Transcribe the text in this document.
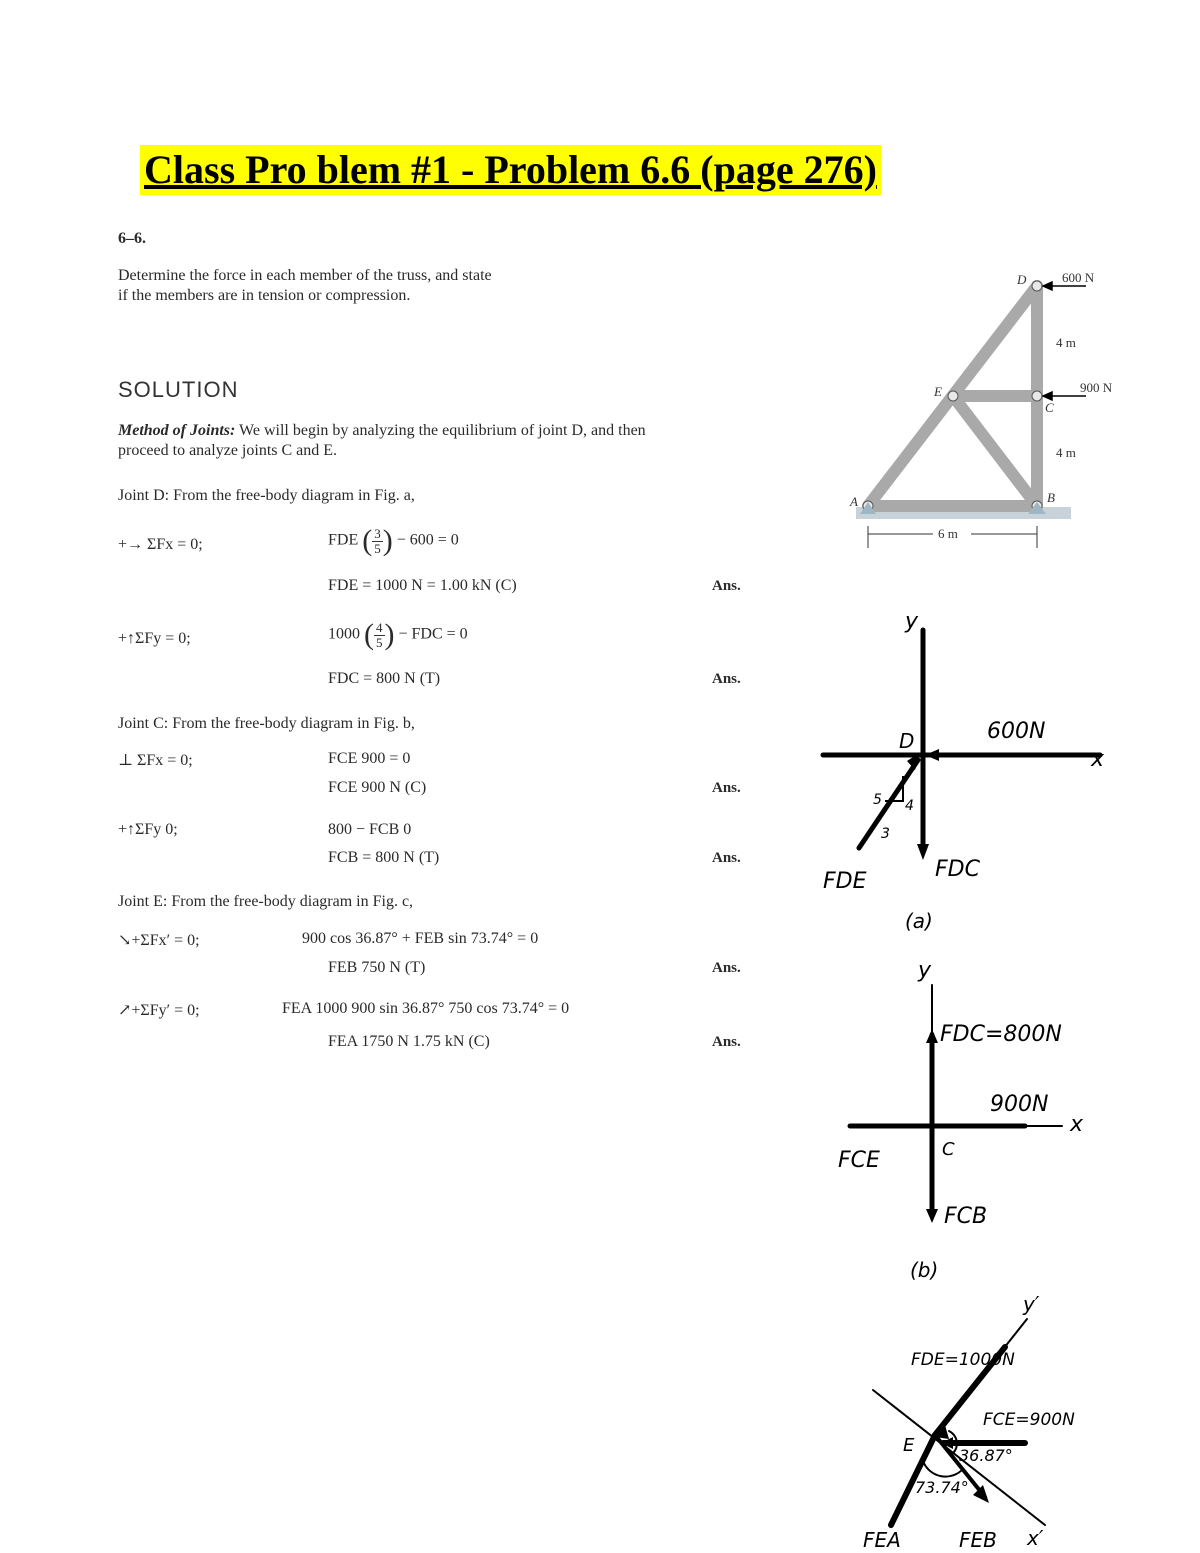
Class Pro blem #1 - Problem 6.6 (page 276)
6–6.
Determine the force in each member of the truss, and state
if the members are in tension or compression.
SOLUTION
Method of Joints: We will begin by analyzing the equilibrium of joint D, and then
proceed to analyze joints C and E.
Joint D: From the free-body diagram in Fig. a,
+→ ΣFx = 0;	FDE ( $\frac{3}{5}$ ) − 600 = 0
FDE = 1000 N = 1.00 kN (C)	Ans.
+↑ΣFy = 0;	1000 ( $\frac{4}{5}$ ) − FDC = 0
FDC = 800 N (T)	Ans.
Joint C: From the free-body diagram in Fig. b,
⊥ ΣFx = 0;	FCE 900 = 0
FCE 900 N (C)	Ans.
+↑ΣFy 0;	800 − FCB 0
FCB = 800 N (T)	Ans.
Joint E: From the free-body diagram in Fig. c,
↘+ΣFx′ = 0;	900 cos 36.87° + FEB sin 73.74° = 0
FEB 750 N (T)	Ans.
↗+ΣFy′ = 0;	FEA 1000 900 sin 36.87° 750 cos 73.74° = 0
FEA 1750 N 1.75 kN (C)	Ans.
600 N
900 N
4 m
4 m
6 m
D
E
C
B
A
y
x
D	600N
FDE	FDC
5 4
3
(a)
y
x
C
FDC=800N
900N
FCE
FCB
(b)
y′
x′
E
FDE=1000N
FCE=900N
36.87°
73.74°
FEA	FEB
